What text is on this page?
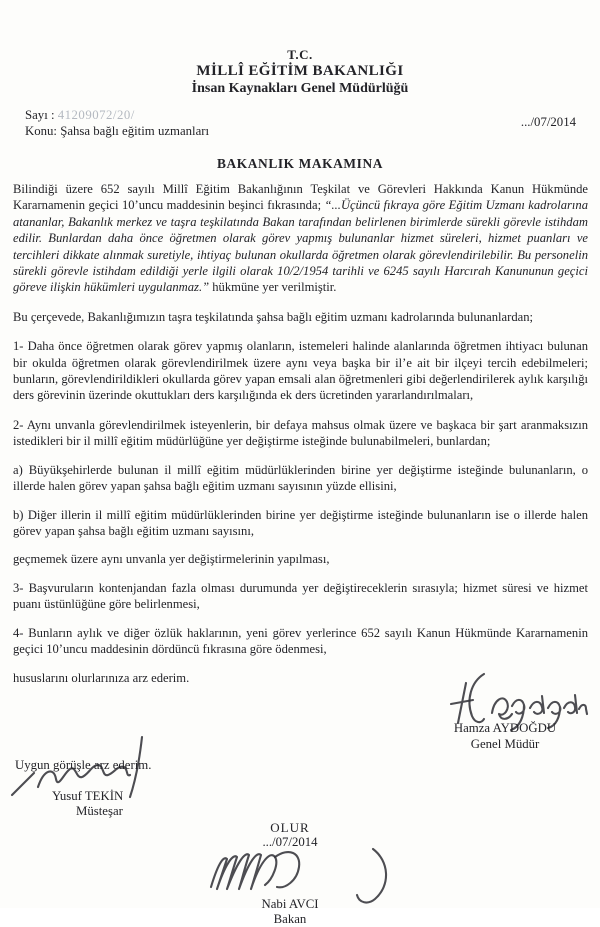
T.C.
MİLLÎ EĞİTİM BAKANLIĞI
İnsan Kaynakları Genel Müdürlüğü
Sayı : 41209072/20/
Konu: Şahsa bağlı eğitim uzmanları
.../07/2014
BAKANLIK MAKAMINA

Bilindiği üzere 652 sayılı Millî Eğitim Bakanlığının Teşkilat ve Görevleri Hakkında Kanun Hükmünde Kararnamenin geçici 10’uncu maddesinin beşinci fıkrasında; “...Üçüncü fıkraya göre Eğitim Uzmanı kadrolarına atananlar, Bakanlık merkez ve taşra teşkilatında Bakan tarafından belirlenen birimlerde sürekli görevle istihdam edilir. Bunlardan daha önce öğretmen olarak görev yapmış bulunanlar hizmet süreleri, hizmet puanları ve tercihleri dikkate alınmak suretiyle, ihtiyaç bulunan okullarda öğretmen olarak görevlendirilebilir. Bu personelin sürekli görevle istihdam edildiği yerle ilgili olarak 10/2/1954 tarihli ve 6245 sayılı Harcırah Kanununun geçici göreve ilişkin hükümleri uygulanmaz.” hükmüne yer verilmiştir.

Bu çerçevede, Bakanlığımızın taşra teşkilatında şahsa bağlı eğitim uzmanı kadrolarında bulunanlardan;

1- Daha önce öğretmen olarak görev yapmış olanların, istemeleri halinde alanlarında öğretmen ihtiyacı bulunan bir okulda öğretmen olarak görevlendirilmek üzere aynı veya başka bir il’e ait bir ilçeyi tercih edebilmeleri; bunların, görevlendirildikleri okullarda görev yapan emsali alan öğretmenleri gibi değerlendirilerek aylık karşılığı ders görevinin üzerinde okuttukları ders karşılığında ek ders ücretinden yararlandırılmaları,

2- Aynı unvanla görevlendirilmek isteyenlerin, bir defaya mahsus olmak üzere ve başkaca bir şart aranmaksızın istedikleri bir il millî eğitim müdürlüğüne yer değiştirme isteğinde bulunabilmeleri, bunlardan;

a) Büyükşehirlerde bulunan il millî eğitim müdürlüklerinden birine yer değiştirme isteğinde bulunanların, o illerde halen görev yapan şahsa bağlı eğitim uzmanı sayısının yüzde ellisini,

b) Diğer illerin il millî eğitim müdürlüklerinden birine yer değiştirme isteğinde bulunanların ise o illerde halen görev yapan şahsa bağlı eğitim uzmanı sayısını,

geçmemek üzere aynı unvanla yer değiştirmelerinin yapılması,

3- Başvuruların kontenjandan fazla olması durumunda yer değiştireceklerin sırasıyla; hizmet süresi ve hizmet puanı üstünlüğüne göre belirlenmesi,

4- Bunların aylık ve diğer özlük haklarının, yeni görev yerlerince 652 sayılı Kanun Hükmünde Kararnamenin geçici 10’uncu maddesinin dördüncü fıkrasına göre ödenmesi,

hususlarını olurlarınıza arz ederim.

Hamza AYDOĞDU
Genel Müdür
Uygun görüşle arz ederim.
Yusuf TEKİN
Müsteşar
OLUR
.../07/2014
Nabi AVCI
Bakan
